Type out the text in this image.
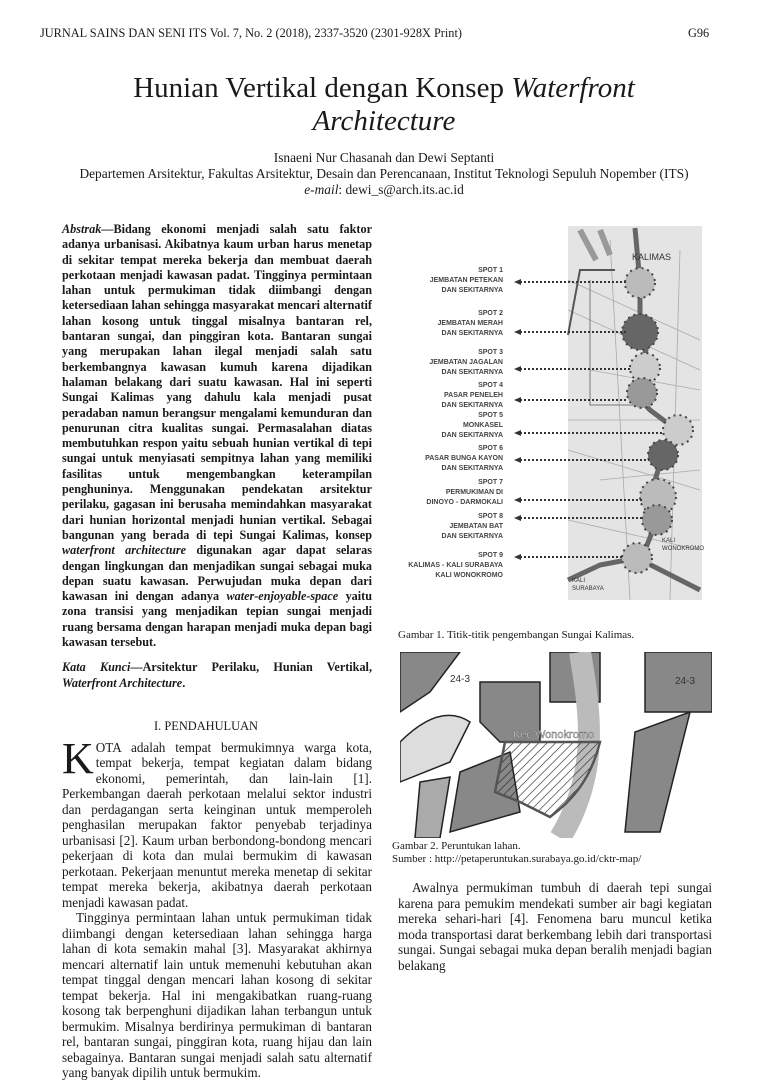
JURNAL SAINS DAN SENI ITS Vol. 7, No. 2 (2018), 2337-3520 (2301-928X Print)	G96
Hunian Vertikal dengan Konsep Waterfront
Architecture
Isnaeni Nur Chasanah dan Dewi Septanti
Departemen Arsitektur, Fakultas Arsitektur, Desain dan Perencanaan, Institut Teknologi Sepuluh Nopember (ITS)
e-mail: dewi_s@arch.its.ac.id
Abstrak—Bidang ekonomi menjadi salah satu faktor adanya urbanisasi. Akibatnya kaum urban harus menetap di sekitar tempat mereka bekerja dan membuat daerah perkotaan menjadi kawasan padat. Tingginya permintaan lahan untuk permukiman tidak diimbangi dengan ketersediaan lahan sehingga masyarakat mencari alternatif lahan kosong untuk tinggal misalnya bantaran rel, bantaran sungai, dan pinggiran kota. Bantaran sungai yang merupakan lahan ilegal menjadi salah satu berkembangnya kawasan kumuh karena dijadikan halaman belakang dari suatu kawasan. Hal ini seperti Sungai Kalimas yang dahulu kala menjadi pusat peradaban namun berangsur mengalami kemunduran dan penurunan citra kualitas sungai. Permasalahan diatas membutuhkan respon yaitu sebuah hunian vertikal di tepi sungai untuk menyiasati sempitnya lahan yang memiliki fasilitas untuk mengembangkan keterampilan penghuninya. Menggunakan pendekatan arsitektur perilaku, gagasan ini berusaha memindahkan masyarakat dari hunian horizontal menjadi hunian vertikal. Sebagai bangunan yang berada di tepi Sungai Kalimas, konsep waterfront architecture digunakan agar dapat selaras dengan lingkungan dan menjadikan sungai sebagai muka depan suatu kawasan. Perwujudan muka depan dari kawasan ini dengan adanya water-enjoyable-space yaitu zona transisi yang menjadikan tepian sungai menjadi ruang bersama dengan harapan menjadi muka depan bagi kawasan tersebut.
Kata Kunci—Arsitektur Perilaku, Hunian Vertikal, Waterfront Architecture.
I. PENDAHULUAN
KOTA adalah tempat bermukimnya warga kota, tempat bekerja, tempat kegiatan dalam bidang ekonomi, pemerintah, dan lain-lain [1]. Perkembangan daerah perkotaan melalui sektor industri dan perdagangan serta keinginan untuk memperoleh penghasilan merupakan faktor penyebab terjadinya urbanisasi [2]. Kaum urban berbondong-bondong mencari pekerjaan di kota dan mulai bermukim di kawasan perkotaan. Pekerjaan menuntut mereka menetap di sekitar tempat mereka bekerja, akibatnya daerah perkotaan menjadi kawasan padat.
Tingginya permintaan lahan untuk permukiman tidak diimbangi dengan ketersediaan lahan sehingga harga lahan di kota semakin mahal [3]. Masyarakat akhirnya mencari alternatif lain untuk memenuhi kebutuhan akan tempat tinggal dengan mencari lahan kosong di sekitar tempat bekerja. Hal ini mengakibatkan ruang-ruang kosong tak berpenghuni dijadikan lahan terbangun untuk bermukim. Misalnya berdirinya permukiman di bantaran rel, bantaran sungai, pinggiran kota, ruang hijau dan lain sebagainya. Bantaran sungai menjadi salah satu alternatif yang banyak dipilih untuk bermukim.
Awalnya permukiman tumbuh di daerah tepi sungai karena para pemukim mendekati sumber air bagi kegiatan mereka sehari-hari [4]. Fenomena baru muncul ketika moda transportasi darat berkembang lebih dari transportasi sungai. Sungai sebagai muka depan beralih menjadi bagian belakang
SPOT 1
JEMBATAN PETEKAN
DAN SEKITARNYA
SPOT 2
JEMBATAN MERAH
DAN SEKITARNYA
SPOT 3
JEMBATAN JAGALAN
DAN SEKITARNYA
SPOT 4
PASAR PENELEH
DAN SEKITARNYA
SPOT 5
MONKASEL
DAN SEKITARNYA
SPOT 6
PASAR BUNGA KAYON
DAN SEKITARNYA
SPOT 7
PERMUKIMAN DI
DINOYO - DARMOKALI
SPOT 8
JEMBATAN BAT
DAN SEKITARNYA
SPOT 9
KALIMAS - KALI SURABAYA
KALI WONOKROMO
KALIMAS
KALI
WONOKROMO
KALI
SURABAYA
Gambar 1. Titik-titik pengembangan Sungai Kalimas.
24-3	24-3
Kec Wonokromo
Gambar 2. Peruntukan lahan.
Sumber : http://petaperuntukan.surabaya.go.id/cktr-map/
